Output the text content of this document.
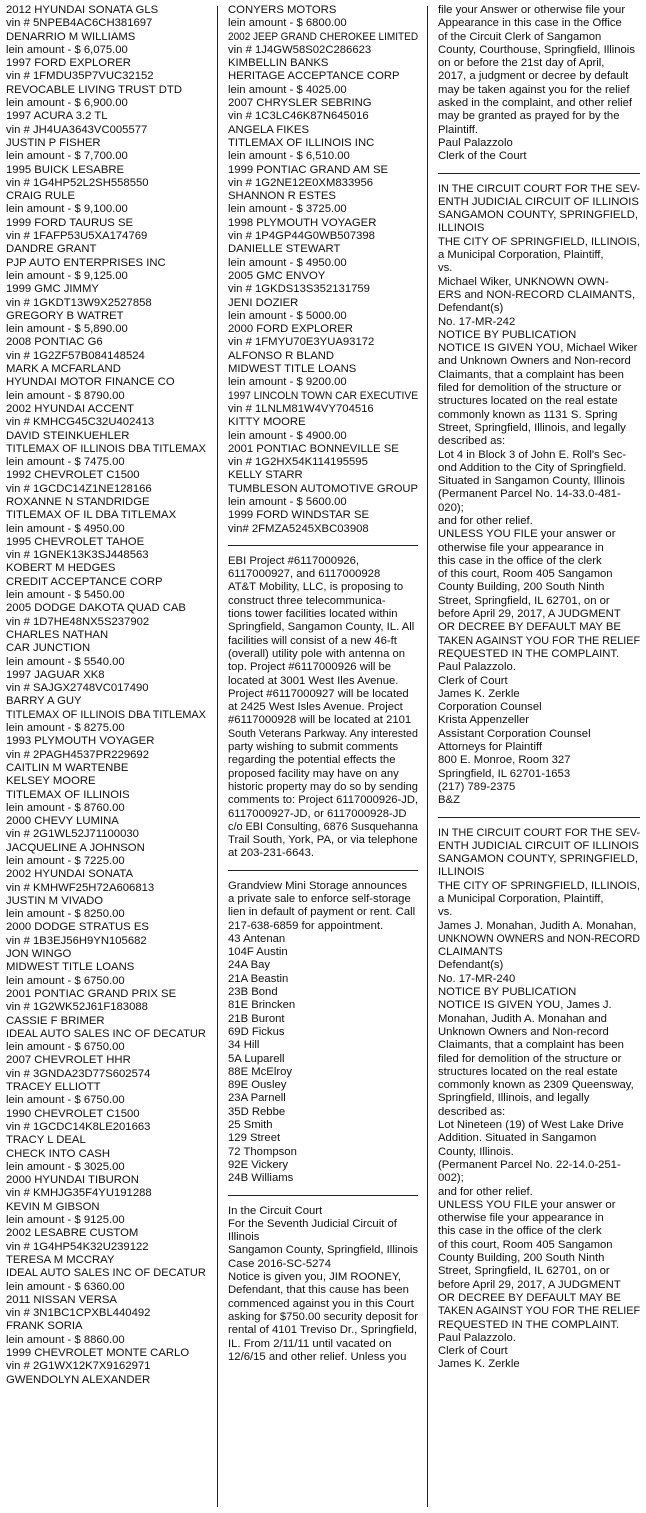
2012 HYUNDAI SONATA GLS
vin # 5NPEB4AC6CH381697
DENARRIO M WILLIAMS
lein amount - $ 6,075.00
1997 FORD EXPLORER
vin # 1FMDU35P7VUC32152
REVOCABLE LIVING TRUST DTD
lein amount - $ 6,900.00
1997 ACURA 3.2 TL
vin # JH4UA3643VC005577
JUSTIN P FISHER
lein amount - $ 7,700.00
1995 BUICK LESABRE
vin # 1G4HP52L2SH558550
CRAIG RULE
lein amount - $ 9,100.00
1999 FORD TAURUS SE
vin # 1FAFP53U5XA174769
DANDRE GRANT
PJP AUTO ENTERPRISES INC
lein amount - $ 9,125.00
1999 GMC JIMMY
vin # 1GKDT13W9X2527858
GREGORY B WATRET
lein amount - $ 5,890.00
2008 PONTIAC G6
vin # 1G2ZF57B084148524
MARK A MCFARLAND
HYUNDAI MOTOR FINANCE CO
lein amount - $ 8790.00
2002 HYUNDAI ACCENT
vin # KMHCG45C32U402413
DAVID STEINKUEHLER
TITLEMAX OF ILLINOIS DBA TITLEMAX
lein amount - $ 7475.00
1992 CHEVROLET C1500
vin # 1GCDC14Z1NE128166
ROXANNE N STANDRIDGE
TITLEMAX OF IL DBA TITLEMAX
lein amount - $ 4950.00
1995 CHEVROLET TAHOE
vin # 1GNEK13K3SJ448563
KOBERT M HEDGES
CREDIT ACCEPTANCE CORP
lein amount - $ 5450.00
2005 DODGE DAKOTA QUAD CAB
vin # 1D7HE48NX5S237902
CHARLES NATHAN
CAR JUNCTION
lein amount - $ 5540.00
1997 JAGUAR XK8
vin # SAJGX2748VC017490
BARRY A GUY
TITLEMAX OF ILLINOIS DBA TITLEMAX
lein amount - $ 8275.00
1993 PLYMOUTH VOYAGER
vin # 2PAGH4537PR229692
CAITLIN M WARTENBE
KELSEY MOORE
TITLEMAX OF ILLINOIS
lein amount - $ 8760.00
2000 CHEVY LUMINA
vin # 2G1WL52J71100030
JACQUELINE A JOHNSON
lein amount - $ 7225.00
2002 HYUNDAI SONATA
vin # KMHWF25H72A606813
JUSTIN M VIVADO
lein amount - $ 8250.00
2000 DODGE STRATUS ES
vin # 1B3EJ56H9YN105682
JON WINGO
MIDWEST TITLE LOANS
lein amount - $ 6750.00
2001 PONTIAC GRAND PRIX SE
vin # 1G2WK52J61F183088
CASSIE F BRIMER
IDEAL AUTO SALES INC OF DECATUR
lein amount - $ 6750.00
2007 CHEVROLET HHR
vin # 3GNDA23D77S602574
TRACEY ELLIOTT
lein amount - $ 6750.00
1990 CHEVROLET C1500
vin # 1GCDC14K8LE201663
TRACY L DEAL
CHECK INTO CASH
lein amount - $ 3025.00
2000 HYUNDAI TIBURON
vin # KMHJG35F4YU191288
KEVIN M GIBSON
lein amount - $ 9125.00
2002 LESABRE CUSTOM
vin # 1G4HP54K32U239122
TERESA M MCCRAY
IDEAL AUTO SALES INC OF DECATUR
lein amount - $ 6360.00
2011 NISSAN VERSA
vin # 3N1BC1CPXBL440492
FRANK SORIA
lein amount - $ 8860.00
1999 CHEVROLET MONTE CARLO
vin # 2G1WX12K7X9162971
GWENDOLYN ALEXANDER
CONYERS MOTORS
lein amount - $ 6800.00
2002 JEEP GRAND CHEROKEE LIMITED
vin # 1J4GW58S02C286623
KIMBELLIN BANKS
HERITAGE ACCEPTANCE CORP
lein amount - $ 4025.00
2007 CHRYSLER SEBRING
vin # 1C3LC46K87N645016
ANGELA FIKES
TITLEMAX OF ILLINOIS INC
lein amount - $ 6,510.00
1999 PONTIAC GRAND AM SE
vin # 1G2NE12E0XM833956
SHANNON R ESTES
lein amount - $ 3725.00
1998 PLYMOUTH VOYAGER
vin # 1P4GP44G0WB507398
DANIELLE STEWART
lein amount - $ 4950.00
2005 GMC ENVOY
vin # 1GKDS13S352131759
JENI DOZIER
lein amount - $ 5000.00
2000 FORD EXPLORER
vin # 1FMYU70E3YUA93172
ALFONSO R BLAND
MIDWEST TITLE LOANS
lein amount - $ 9200.00
1997 LINCOLN TOWN CAR EXECUTIVE
vin # 1LNLM81W4VY704516
KITTY MOORE
lein amount - $ 4900.00
2001 PONTIAC BONNEVILLE SE
vin # 1G2HX54K114195595
KELLY STARR
TUMBLESON AUTOMOTIVE GROUP
lein amount - $ 5600.00
1999 FORD WINDSTAR SE
vin# 2FMZA5245XBC03908
EBI Project #6117000926,
6117000927, and 6117000928
AT&T Mobility, LLC, is proposing to
construct three telecommunica-
tions tower facilities located within
Springfield, Sangamon County, IL. All
facilities will consist of a new 46-ft
(overall) utility pole with antenna on
top. Project #6117000926 will be
located at 3001 West Iles Avenue.
Project #6117000927 will be located
at 2425 West Isles Avenue. Project
#6117000928 will be located at 2101
South Veterans Parkway. Any interested
party wishing to submit comments
regarding the potential effects the
proposed facility may have on any
historic property may do so by sending
comments to: Project 6117000926-JD,
6117000927-JD, or 6117000928-JD
c/o EBI Consulting, 6876 Susquehanna
Trail South, York, PA, or via telephone
at 203-231-6643.
Grandview Mini Storage announces
a private sale to enforce self-storage
lien in default of payment or rent. Call
217-638-6859 for appointment.
43 Antenan
104F Austin
24A Bay
21A Beastin
23B Bond
81E Brincken
21B Buront
69D Fickus
34 Hill
5A Luparell
88E McElroy
89E Ousley
23A Parnell
35D Rebbe
25 Smith
129 Street
72 Thompson
92E Vickery
24B Williams
In the Circuit Court
For the Seventh Judicial Circuit of
Illinois
Sangamon County, Springfield, Illinois
Case 2016-SC-5274
Notice is given you, JIM ROONEY,
Defendant, that this cause has been
commenced against you in this Court
asking for $750.00 security deposit for
rental of 4101 Treviso Dr., Springfield,
IL. From 2/11/11 until vacated on
12/6/15 and other relief. Unless you
file your Answer or otherwise file your
Appearance in this case in the Office
of the Circuit Clerk of Sangamon
County, Courthouse, Springfield, Illinois
on or before the 21st day of April,
2017, a judgment or decree by default
may be taken against you for the relief
asked in the complaint, and other relief
may be granted as prayed for by the
Plaintiff.
Paul Palazzolo
Clerk of the Court
IN THE CIRCUIT COURT FOR THE SEV-
ENTH JUDICIAL CIRCUIT OF ILLINOIS
SANGAMON COUNTY, SPRINGFIELD,
ILLINOIS
THE CITY OF SPRINGFIELD, ILLINOIS,
a Municipal Corporation, Plaintiff,
vs.
Michael Wiker, UNKNOWN OWN-
ERS and NON-RECORD CLAIMANTS,
Defendant(s)
No. 17-MR-242
NOTICE BY PUBLICATION
NOTICE IS GIVEN YOU, Michael Wiker
and Unknown Owners and Non-record
Claimants, that a complaint has been
filed for demolition of the structure or
structures located on the real estate
commonly known as 1131 S. Spring
Street, Springfield, Illinois, and legally
described as:
Lot 4 in Block 3 of John E. Roll's Sec-
ond Addition to the City of Springfield.
Situated in Sangamon County, Illinois
(Permanent Parcel No. 14-33.0-481-
020);
and for other relief.
UNLESS YOU FILE your answer or
otherwise file your appearance in
this case in the office of the clerk
of this court, Room 405 Sangamon
County Building, 200 South Ninth
Street, Springfield, IL 62701, on or
before April 29, 2017, A JUDGMENT
OR DECREE BY DEFAULT MAY BE
TAKEN AGAINST YOU FOR THE RELIEF
REQUESTED IN THE COMPLAINT.
Paul Palazzolo.
Clerk of Court
James K. Zerkle
Corporation Counsel
Krista Appenzeller
Assistant Corporation Counsel
Attorneys for Plaintiff
800 E. Monroe, Room 327
Springfield, IL 62701-1653
(217) 789-2375
B&Z
IN THE CIRCUIT COURT FOR THE SEV-
ENTH JUDICIAL CIRCUIT OF ILLINOIS
SANGAMON COUNTY, SPRINGFIELD,
ILLINOIS
THE CITY OF SPRINGFIELD, ILLINOIS,
a Municipal Corporation, Plaintiff,
vs.
James J. Monahan, Judith A. Monahan,
UNKNOWN OWNERS and NON-RECORD
CLAIMANTS
Defendant(s)
No. 17-MR-240
NOTICE BY PUBLICATION
NOTICE IS GIVEN YOU, James J.
Monahan, Judith A. Monahan and
Unknown Owners and Non-record
Claimants, that a complaint has been
filed for demolition of the structure or
structures located on the real estate
commonly known as 2309 Queensway,
Springfield, Illinois, and legally
described as:
Lot Nineteen (19) of West Lake Drive
Addition. Situated in Sangamon
County, Illinois.
(Permanent Parcel No. 22-14.0-251-
002);
and for other relief.
UNLESS YOU FILE your answer or
otherwise file your appearance in
this case in the office of the clerk
of this court, Room 405 Sangamon
County Building, 200 South Ninth
Street, Springfield, IL 62701, on or
before April 29, 2017, A JUDGMENT
OR DECREE BY DEFAULT MAY BE
TAKEN AGAINST YOU FOR THE RELIEF
REQUESTED IN THE COMPLAINT.
Paul Palazzolo.
Clerk of Court
James K. Zerkle
